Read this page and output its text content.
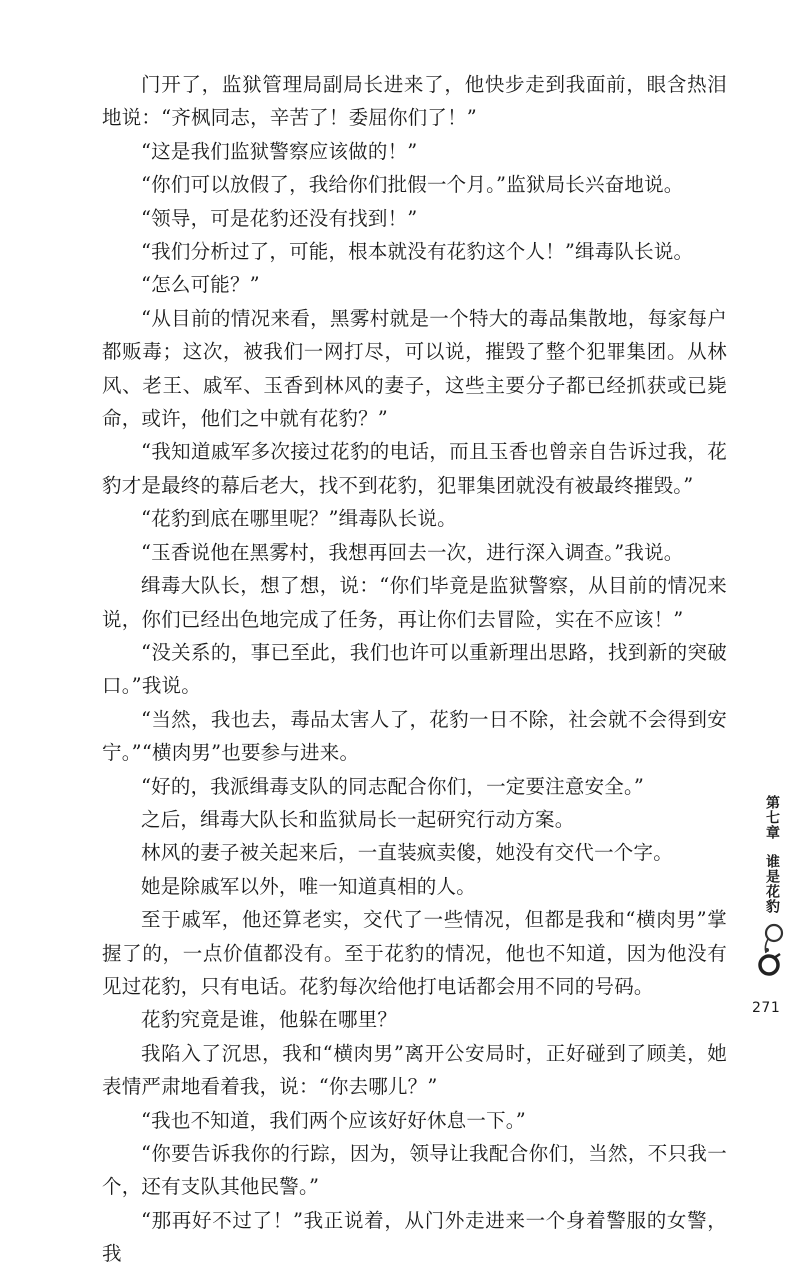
门开了，监狱管理局副局长进来了，他快步走到我面前，眼含热泪地说：“齐枫同志，辛苦了！委屈你们了！”

“这是我们监狱警察应该做的！”

“你们可以放假了，我给你们批假一个月。”监狱局长兴奋地说。

“领导，可是花豹还没有找到！”

“我们分析过了，可能，根本就没有花豹这个人！”缉毒队长说。

“怎么可能？”

“从目前的情况来看，黑雾村就是一个特大的毒品集散地，每家每户都贩毒；这次，被我们一网打尽，可以说，摧毁了整个犯罪集团。从林风、老王、戚军、玉香到林风的妻子，这些主要分子都已经抓获或已毙命，或许，他们之中就有花豹？”

“我知道戚军多次接过花豹的电话，而且玉香也曾亲自告诉过我，花豹才是最终的幕后老大，找不到花豹，犯罪集团就没有被最终摧毁。”

“花豹到底在哪里呢？”缉毒队长说。

“玉香说他在黑雾村，我想再回去一次，进行深入调查。”我说。

缉毒大队长，想了想，说：“你们毕竟是监狱警察，从目前的情况来说，你们已经出色地完成了任务，再让你们去冒险，实在不应该！”

“没关系的，事已至此，我们也许可以重新理出思路，找到新的突破口。”我说。

“当然，我也去，毒品太害人了，花豹一日不除，社会就不会得到安宁。”“横肉男”也要参与进来。

“好的，我派缉毒支队的同志配合你们，一定要注意安全。”

之后，缉毒大队长和监狱局长一起研究行动方案。

林风的妻子被关起来后，一直装疯卖傻，她没有交代一个字。

她是除戚军以外，唯一知道真相的人。

至于戚军，他还算老实，交代了一些情况，但都是我和“横肉男”掌握了的，一点价值都没有。至于花豹的情况，他也不知道，因为他没有见过花豹，只有电话。花豹每次给他打电话都会用不同的号码。

花豹究竟是谁，他躲在哪里？

我陷入了沉思，我和“横肉男”离开公安局时，正好碰到了顾美，她表情严肃地看着我，说：“你去哪儿？”

“我也不知道，我们两个应该好好休息一下。”

“你要告诉我你的行踪，因为，领导让我配合你们，当然，不只我一个，还有支队其他民警。”

“那再好不过了！”我正说着，从门外走进来一个身着警服的女警，我

第七章
谁是花豹
271
